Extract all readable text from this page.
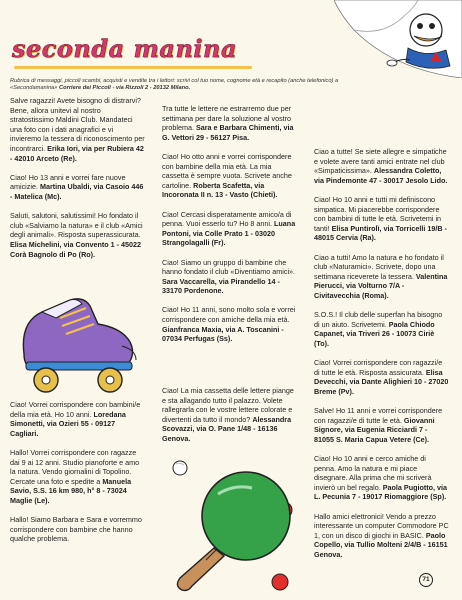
seconda manina

Rubrica di messaggi, piccoli scambi, acquisti e vendite tra i lettori: scrivi col tuo nome, cognome età e recapito (anche telefonico) a «Secondamanina» Corriere dei Piccoli - via Rizzoli 2 - 20132 Milano.

Salve ragazzi! Avete bisogno di distrarvi? Bene, allora unitevi al nostro stratostissimo Maldini Club. Mandateci una foto con i dati anagrafici e vi invieremo la tessera di riconoscimento per incontrarci. Erika Iori, via per Rubiera 42 - 42010 Arceto (Re).

Ciao! Ho 13 anni e vorrei fare nuove amicizie. Martina Ubaldi, via Casoio 446 - Matelica (Mc).

Saluti, salutoni, salutissimi! Ho fondato il club «Salviamo la natura» e il club «Amici degli animali». Risposta superassicurata. Elisa Michelini, via Convento 1 - 45022 Corà Bagnolo di Po (Ro).

Ciao! Vorrei corrispondere con bambini/e della mia età. Ho 10 anni. Loredana Simonetti, via Ozieri 55 - 09127 Cagliari.

Hallo! Vorrei corrispondere con ragazze dai 9 ai 12 anni. Studio pianoforte e amo la natura. Vendo giornalini di Topolino. Cercate una foto e spedite a Manuela Savio, S.S. 16 km 980, h° 8 - 73024 Maglie (Le).

Hallo! Siamo Barbara e Sara e vorremmo corrispondere con bambine che hanno qualche problema.

Tra tutte le lettere ne estrarremo due per settimana per dare la soluzione al vostro problema. Sara e Barbara Chimenti, via G. Vettori 29 - 56127 Pisa.

Ciao! Ho otto anni e vorrei corrispondere con bambine della mia età. La mia cassetta è sempre vuota. Scrivete anche cartoline. Roberta Scafetta, via Incoronata II n. 13 - Vasto (Chieti).

Ciao! Cercasi disperatamente amico/a di penna. Vuoi esserlo tu? Ho 8 anni. Luana Pontoni, via Colle Prato 1 - 03020 Strangolagalli (Fr).

Ciao! Siamo un gruppo di bambine che hanno fondato il club «Diventiamo amici». Sara Vaccarella, via Pirandello 14 - 33170 Pordenone.

Ciao! Ho 11 anni, sono molto sola e vorrei corrispondere con amiche della mia età. Gianfranca Maxia, via A. Toscanini - 07034 Perfugas (Ss).

Ciao! La mia cassetta delle lettere piange e sta allagando tutto il palazzo. Volete rallegrarla con le vostre lettere colorate e divertenti da tutto il mondo? Alessandra Scovazzi, via O. Pane 1/48 - 16136 Genova.

Ciao a tutte! Se siete allegre e simpatiche e volete avere tanti amici entrate nel club «Simpaticissima». Alessandra Coletto, via Pindemonte 47 - 30017 Jesolo Lido.

Ciao! Ho 10 anni e tutti mi definiscono simpatica. Mi piacerebbe corrispondere con bambini di tutte le età. Scrivetemi in tanti! Elisa Puntirolì, via Torricelli 19/B - 48015 Cervia (Ra).

Ciao a tutti! Amo la natura e ho fondato il club «Naturamici». Scrivete, dopo una settimana riceverete la tessera. Valentina Pierucci, via Volturno 7/A - Civitavecchia (Roma).

S.O.S.! Il club delle superfan ha bisogno di un aiuto. Scrivetemi. Paola Chiodo Capanet, via Triveri 26 - 10073 Ciriè (To).

Ciao! Vorrei corrispondere con ragazzi/e di tutte le età. Risposta assicurata. Elisa Devecchi, via Dante Alighieri 10 - 27020 Breme (Pv).

Salve! Ho 11 anni e vorrei corrispondere con ragazzi/e di tutte le età. Giovanni Signore, via Eugenia Ricciardi 7 - 81055 S. Maria Capua Vetere (Ce).

Ciao! Ho 10 anni e cerco amiche di penna. Amo la natura e mi piace disegnare. Alla prima che mi scriverà invierò un bel regalo. Paola Pugiotto, via L. Pecunia 7 - 19017 Riomaggiore (Sp).

Hallo amici elettronici! Vendo a prezzo interessante un computer Commodore PC 1, con un disco di giochi in BASIC. Paolo Copello, via Tullio Molteni 2/4/B - 16151 Genova.

71
